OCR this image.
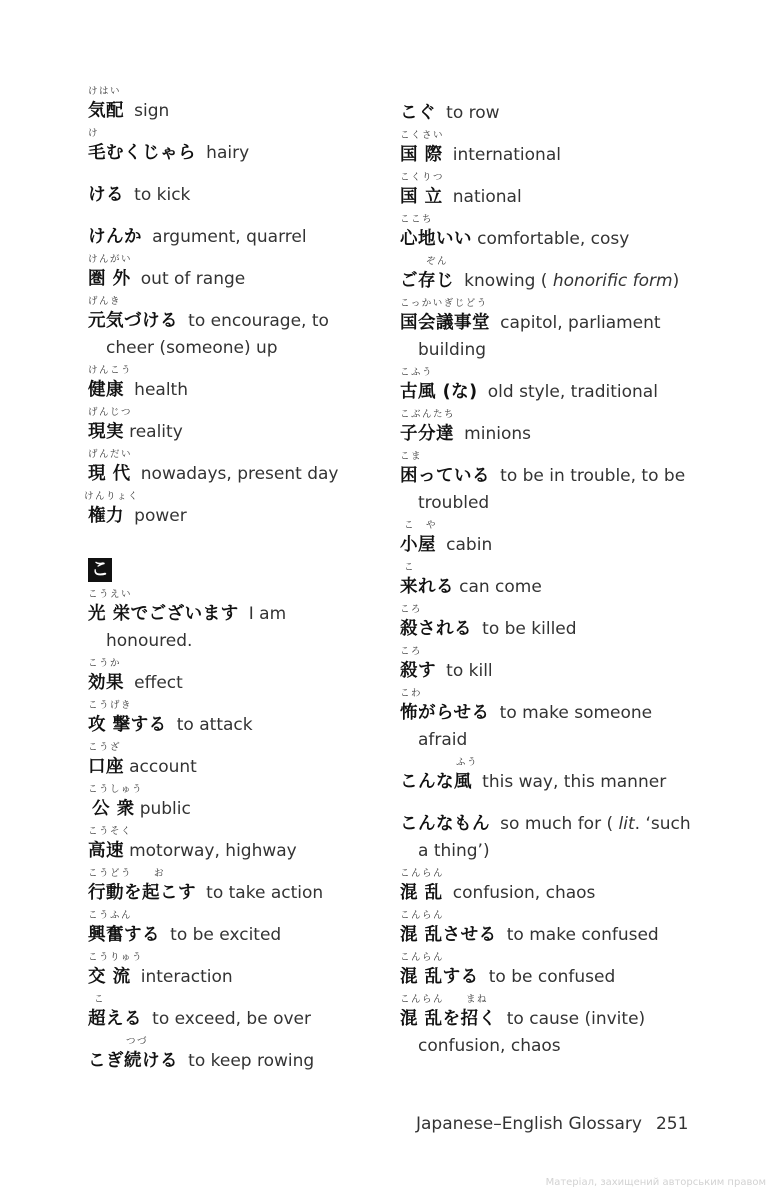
けはい
気配 sign
け
毛むくじゃら hairy
ける to kick
けんか argument, quarrel
けんがい
圏 外 out of range
げんき
元気づける to encourage, to
cheer (someone) up
けんこう
健康 health
げんじつ
現実 reality
げんだい
現 代 nowadays, present day
けんりょく
権力 power
こ
こうえい
光 栄でございます I am
honoured.
こうか
効果 effect
こうげき
攻 撃する to attack
こうざ
口座 account
こうしゅう
公 衆 public
こうそく
高速 motorway, highway
こうどう　　お
行動を起こす to take action
こうふん
興奮する to be excited
こうりゅう
交 流 interaction
こ
超える to exceed, be over
つづ
こぎ続ける to keep rowing
こぐ to row
こくさい
国 際 international
こくりつ
国 立 national
ここち
心地いい comfortable, cosy
ぞん
ご存じ knowing ( honorific form)
こっかいぎじどう
国会議事堂 capitol, parliament
building
こふう
古風 (な) old style, traditional
こぶんたち
子分達 minions
こま
困っている to be in trouble, to be
troubled
こ　や
小屋 cabin
こ
来れる can come
ころ
殺される to be killed
ころ
殺す to kill
こわ
怖がらせる to make someone
afraid
ふう
こんな風 this way, this manner
こんなもん so much for ( lit. ‘such
a thing’)
こんらん
混 乱 confusion, chaos
こんらん
混 乱させる to make confused
こんらん
混 乱する to be confused
こんらん　　まね
混 乱を招く to cause (invite)
confusion, chaos
Japanese–English Glossary 251
Матеріал, захищений авторським правом
